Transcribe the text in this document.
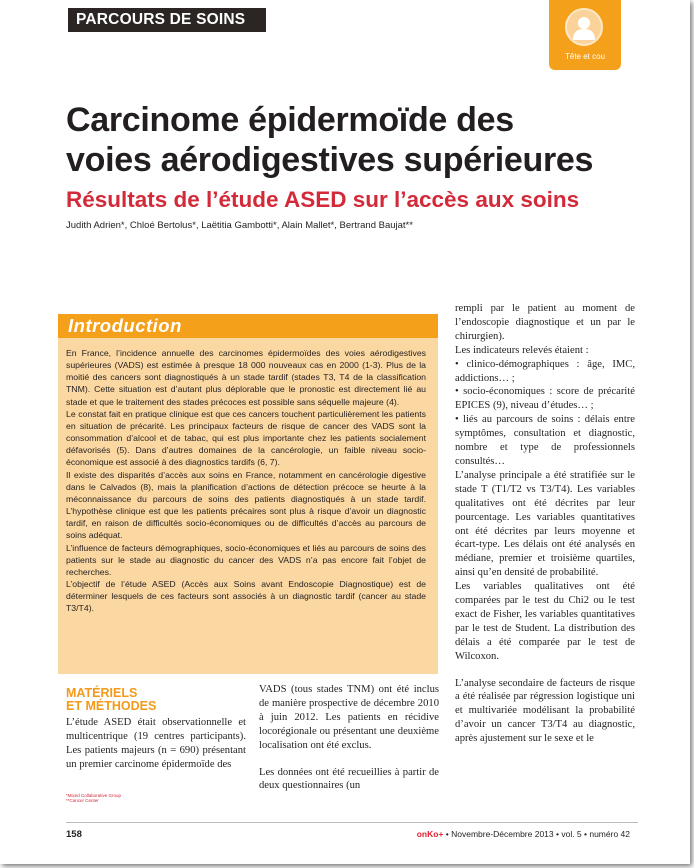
PARCOURS DE SOINS
Tête et cou
Carcinome épidermoïde des
voies aérodigestives supérieures
Résultats de l’étude ASED sur l’accès aux soins
Judith Adrien*, Chloé Bertolus*, Laëtitia Gambotti*, Alain Mallet*, Bertrand Baujat**
Introduction

En France, l’incidence annuelle des carcinomes épidermoïdes des voies aérodigestives supérieures (VADS) est estimée à presque 18 000 nouveaux cas en 2000 (1-3). Plus de la moitié des cancers sont diagnostiqués à un stade tardif (stades T3, T4 de la classification TNM). Cette situation est d’autant plus déplorable que le pronostic est directement lié au stade et que le traitement des stades précoces est possible sans séquelle majeure (4).

Le constat fait en pratique clinique est que ces cancers touchent particulièrement les patients en situation de précarité. Les principaux facteurs de risque de cancer des VADS sont la consommation d’alcool et de tabac, qui est plus importante chez les patients socialement défavorisés (5). Dans d’autres domaines de la cancérologie, un faible niveau socio-économique est associé à des diagnostics tardifs (6, 7).

Il existe des disparités d’accès aux soins en France, notamment en cancérologie digestive dans le Calvados (8), mais la planification d’actions de détection précoce se heurte à la méconnaissance du parcours de soins des patients diagnostiqués à un stade tardif. L’hypothèse clinique est que les patients précaires sont plus à risque d’avoir un diagnostic tardif, en raison de difficultés socio-économiques ou de difficultés d’accès au parcours de soins adéquat.

L’influence de facteurs démographiques, socio-économiques et liés au parcours de soins des patients sur le stade au diagnostic du cancer des VADS n’a pas encore fait l’objet de recherches.

L’objectif de l’étude ASED (Accès aux Soins avant Endoscopie Diagnostique) est de déterminer lesquels de ces facteurs sont associés à un diagnostic tardif (cancer au stade T3/T4).

MATÉRIELS
ET MÉTHODES

L’étude ASED était observationnelle et multicentrique (19 centres participants). Les patients majeurs (n = 690) présentant un premier carcinome épidermoïde des

VADS (tous stades TNM) ont été inclus de manière prospective de décembre 2010 à juin 2012. Les patients en récidive locorégionale ou présentant une deuxième localisation ont été exclus.

Les données ont été recueillies à partir de deux questionnaires (un

rempli par le patient au moment de l’endoscopie diagnostique et un par le chirurgien).

Les indicateurs relevés étaient :

• clinico-démographiques : âge, IMC, addictions… ;

• socio-économiques : score de précarité EPICES (9), niveau d’études… ;

• liés au parcours de soins : délais entre symptômes, consultation et diagnostic, nombre et type de professionnels consultés…

L’analyse principale a été stratifiée sur le stade T (T1/T2 vs T3/T4). Les variables qualitatives ont été décrites par leur pourcentage. Les variables quantitatives ont été décrites par leurs moyenne et écart-type. Les délais ont été analysés en médiane, premier et troisième quartiles, ainsi qu’en densité de probabilité.

Les variables qualitatives ont été comparées par le test du Chi2 ou le test exact de Fisher, les variables quantitatives par le test de Student. La distribution des délais a été comparée par le test de Wilcoxon.

L’analyse secondaire de facteurs de risque a été réalisée par régression logistique uni et multivariée modélisant la probabilité d’avoir un cancer T3/T4 au diagnostic, après ajustement sur le sexe et le

*Mixed Collaborative Group
**Cancer Center
158	onKo+ • Novembre-Décembre 2013 • vol. 5 • numéro 42
